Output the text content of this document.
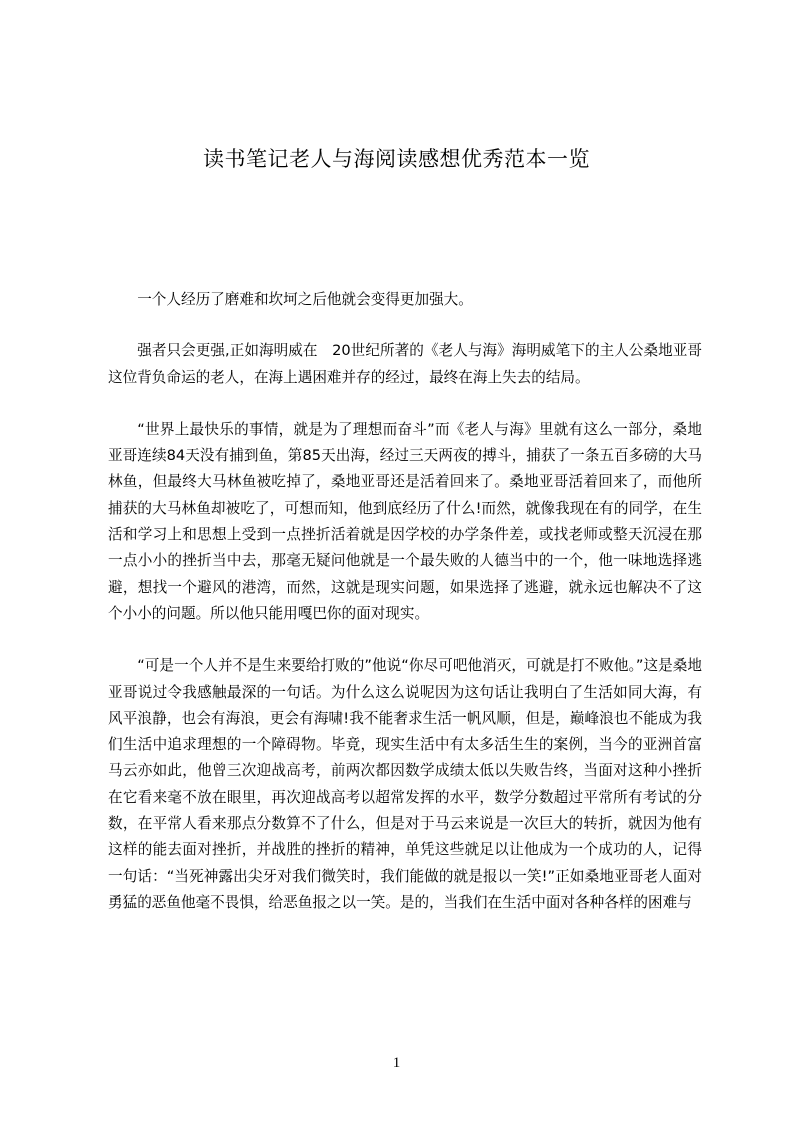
读书笔记老人与海阅读感想优秀范本一览

一个人经历了磨难和坎坷之后他就会变得更加强大。

强者只会更强,正如海明威在　20世纪所著的《老人与海》海明威笔下的主人公桑地亚哥这位背负命运的老人，在海上遇困难并存的经过，最终在海上失去的结局。

“世界上最快乐的事情，就是为了理想而奋斗”而《老人与海》里就有这么一部分，桑地亚哥连续84天没有捕到鱼，第85天出海，经过三天两夜的搏斗，捕获了一条五百多磅的大马林鱼，但最终大马林鱼被吃掉了，桑地亚哥还是活着回来了。桑地亚哥活着回来了，而他所捕获的大马林鱼却被吃了，可想而知，他到底经历了什么!而然，就像我现在有的同学，在生活和学习上和思想上受到一点挫折活着就是因学校的办学条件差，或找老师或整天沉浸在那一点小小的挫折当中去，那毫无疑问他就是一个最失败的人德当中的一个，他一味地选择逃避，想找一个避风的港湾，而然，这就是现实问题，如果选择了逃避，就永远也解决不了这个小小的问题。所以他只能用嘎巴你的面对现实。

“可是一个人并不是生来要给打败的”他说“你尽可吧他消灭，可就是打不败他。”这是桑地亚哥说过令我感触最深的一句话。为什么这么说呢因为这句话让我明白了生活如同大海，有风平浪静，也会有海浪，更会有海啸!我不能奢求生活一帆风顺，但是，巅峰浪也不能成为我们生活中追求理想的一个障碍物。毕竟，现实生活中有太多活生生的案例，当今的亚洲首富马云亦如此，他曾三次迎战高考，前两次都因数学成绩太低以失败告终，当面对这种小挫折在它看来毫不放在眼里，再次迎战高考以超常发挥的水平，数学分数超过平常所有考试的分数，在平常人看来那点分数算不了什么，但是对于马云来说是一次巨大的转折，就因为他有这样的能去面对挫折，并战胜的挫折的精神，单凭这些就足以让他成为一个成功的人，记得一句话：“当死神露出尖牙对我们微笑时，我们能做的就是报以一笑!”正如桑地亚哥老人面对勇猛的恶鱼他毫不畏惧，给恶鱼报之以一笑。是的，当我们在生活中面对各种各样的困难与

1
